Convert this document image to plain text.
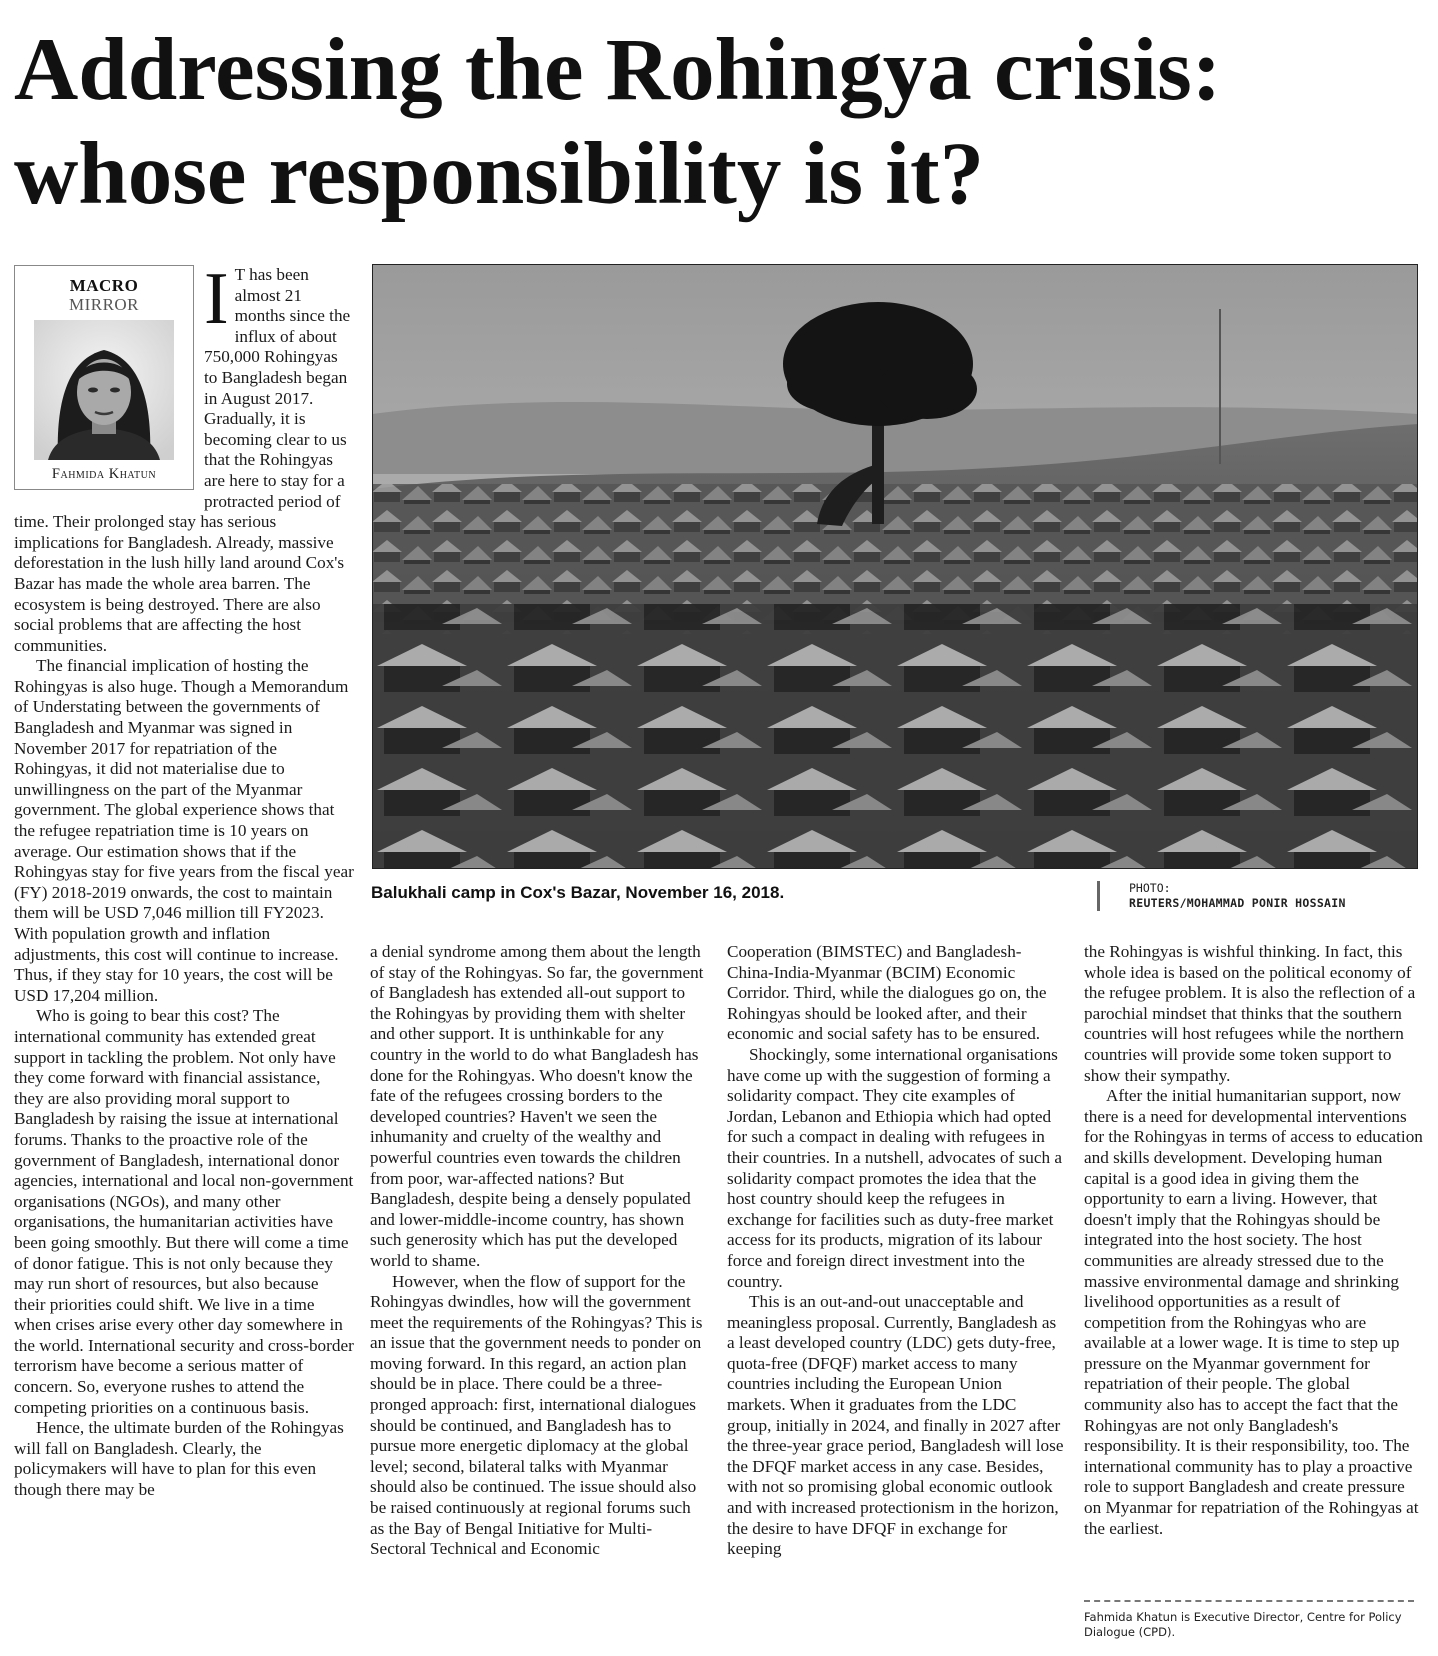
Addressing the Rohingya crisis:
whose responsibility is it?
MACRO
MIRROR
Fahmida Khatun
I T has been almost 21 months since the influx of about 750,000 Rohingyas to Bangladesh began in August 2017. Gradually, it is becoming clear to us that the Rohingyas are here to stay for a protracted period of time. Their prolonged stay has serious implications for Bangladesh. Already, massive deforestation in the lush hilly land around Cox's Bazar has made the whole area barren. The ecosystem is being destroyed. There are also social problems that are affecting the host communities.

The financial implication of hosting the Rohingyas is also huge. Though a Memorandum of Understating between the governments of Bangladesh and Myanmar was signed in November 2017 for repatriation of the Rohingyas, it did not materialise due to unwillingness on the part of the Myanmar government. The global experience shows that the refugee repatriation time is 10 years on average. Our estimation shows that if the Rohingyas stay for five years from the fiscal year (FY) 2018-2019 onwards, the cost to maintain them will be USD 7,046 million till FY2023. With population growth and inflation adjustments, this cost will continue to increase. Thus, if they stay for 10 years, the cost will be USD 17,204 million.

Who is going to bear this cost? The international community has extended great support in tackling the problem. Not only have they come forward with financial assistance, they are also providing moral support to Bangladesh by raising the issue at international forums. Thanks to the proactive role of the government of Bangladesh, international donor agencies, international and local non-government organisations (NGOs), and many other organisations, the humanitarian activities have been going smoothly. But there will come a time of donor fatigue. This is not only because they may run short of resources, but also because their priorities could shift. We live in a time when crises arise every other day somewhere in the world. International security and cross-border terrorism have become a serious matter of concern. So, everyone rushes to attend the competing priorities on a continuous basis.

Hence, the ultimate burden of the Rohingyas will fall on Bangladesh. Clearly, the policymakers will have to plan for this even though there may be

Balukhali camp in Cox's Bazar, November 16, 2018.	PHOTO:
REUTERS/MOHAMMAD PONIR HOSSAIN

a denial syndrome among them about the length of stay of the Rohingyas. So far, the government of Bangladesh has extended all-out support to the Rohingyas by providing them with shelter and other support. It is unthinkable for any country in the world to do what Bangladesh has done for the Rohingyas. Who doesn't know the fate of the refugees crossing borders to the developed countries? Haven't we seen the inhumanity and cruelty of the wealthy and powerful countries even towards the children from poor, war-affected nations? But Bangladesh, despite being a densely populated and lower-middle-income country, has shown such generosity which has put the developed world to shame.

However, when the flow of support for the Rohingyas dwindles, how will the government meet the requirements of the Rohingyas? This is an issue that the government needs to ponder on moving forward. In this regard, an action plan should be in place. There could be a three-pronged approach: first, international dialogues should be continued, and Bangladesh has to pursue more energetic diplomacy at the global level; second, bilateral talks with Myanmar should also be continued. The issue should also be raised continuously at regional forums such as the Bay of Bengal Initiative for Multi-Sectoral Technical and Economic

Cooperation (BIMSTEC) and Bangladesh-China-India-Myanmar (BCIM) Economic Corridor. Third, while the dialogues go on, the Rohingyas should be looked after, and their economic and social safety has to be ensured.

Shockingly, some international organisations have come up with the suggestion of forming a solidarity compact. They cite examples of Jordan, Lebanon and Ethiopia which had opted for such a compact in dealing with refugees in their countries. In a nutshell, advocates of such a solidarity compact promotes the idea that the host country should keep the refugees in exchange for facilities such as duty-free market access for its products, migration of its labour force and foreign direct investment into the country.

This is an out-and-out unacceptable and meaningless proposal. Currently, Bangladesh as a least developed country (LDC) gets duty-free, quota-free (DFQF) market access to many countries including the European Union markets. When it graduates from the LDC group, initially in 2024, and finally in 2027 after the three-year grace period, Bangladesh will lose the DFQF market access in any case. Besides, with not so promising global economic outlook and with increased protectionism in the horizon, the desire to have DFQF in exchange for keeping

the Rohingyas is wishful thinking. In fact, this whole idea is based on the political economy of the refugee problem. It is also the reflection of a parochial mindset that thinks that the southern countries will host refugees while the northern countries will provide some token support to show their sympathy.

After the initial humanitarian support, now there is a need for developmental interventions for the Rohingyas in terms of access to education and skills development. Developing human capital is a good idea in giving them the opportunity to earn a living. However, that doesn't imply that the Rohingyas should be integrated into the host society. The host communities are already stressed due to the massive environmental damage and shrinking livelihood opportunities as a result of competition from the Rohingyas who are available at a lower wage. It is time to step up pressure on the Myanmar government for repatriation of their people. The global community also has to accept the fact that the Rohingyas are not only Bangladesh's responsibility. It is their responsibility, too. The international community has to play a proactive role to support Bangladesh and create pressure on Myanmar for repatriation of the Rohingyas at the earliest.

Fahmida Khatun is Executive Director, Centre for Policy Dialogue (CPD).
